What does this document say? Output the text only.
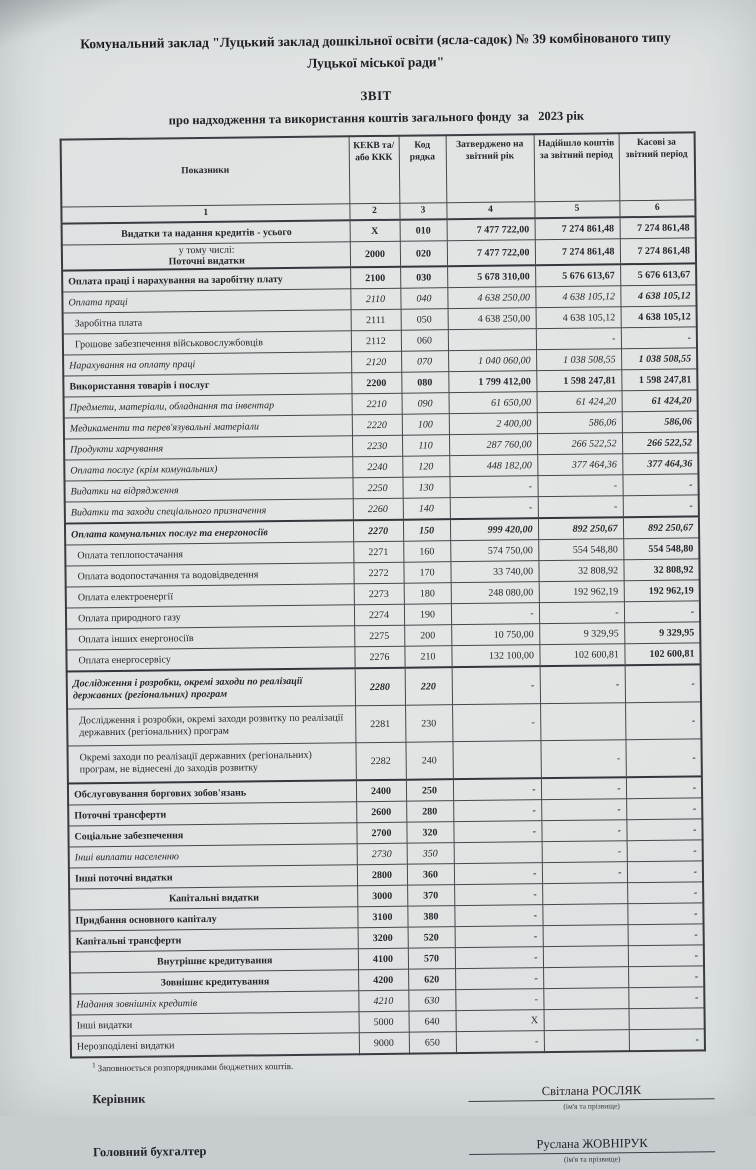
Комунальний заклад "Луцький заклад дошкільної освіти (ясла-садок) № 39 комбінованого типу Луцької міської ради"
ЗВІТ
про надходження та використання коштів загального фонду  за   2023 рік
Показники	КЕКВ та/або ККК	Код рядка	Затверджено на звітний рік	Надійшло коштів за звітний період	Касові за звітний період
1	2	3	4	5	6
Видатки та надання кредитів - усього	X	010	7 477 722,00	7 274 861,48	7 274 861,48

у тому числі:
Поточні видатки	2000	020	7 477 722,00	7 274 861,48	7 274 861,48
Оплата праці і нарахування на заробітну плату	2100	030	5 678 310,00	5 676 613,67	5 676 613,67
Оплата праці	2110	040	4 638 250,00	4 638 105,12	4 638 105,12
Заробітна плата	2111	050	4 638 250,00	4 638 105,12	4 638 105,12
Грошове забезпечення військовослужбовців	2112	060		-	-
Нарахування на оплату праці	2120	070	1 040 060,00	1 038 508,55	1 038 508,55
Використання товарів і послуг	2200	080	1 799 412,00	1 598 247,81	1 598 247,81
Предмети, матеріали, обладнання та інвентар	2210	090	61 650,00	61 424,20	61 424,20
Медикаменти та перев'язувальні матеріали	2220	100	2 400,00	586,06	586,06
Продукти харчування	2230	110	287 760,00	266 522,52	266 522,52
Оплата послуг (крім комунальних)	2240	120	448 182,00	377 464,36	377 464,36
Видатки на відрядження	2250	130	-	-	-
Видатки та заходи спеціального призначення	2260	140	-	-	-
Оплата комунальних послуг та енергоносіїв	2270	150	999 420,00	892 250,67	892 250,67
Оплата теплопостачання	2271	160	574 750,00	554 548,80	554 548,80
Оплата водопостачання та водовідведення	2272	170	33 740,00	32 808,92	32 808,92
Оплата електроенергії	2273	180	248 080,00	192 962,19	192 962,19
Оплата природного газу	2274	190	-	-	-
Оплата інших енергоносіїв	2275	200	10 750,00	9 329,95	9 329,95
Оплата енергосервісу	2276	210	132 100,00	102 600,81	102 600,81
Дослідження і розробки, окремі заходи по реалізації державних (регіональних) програм	2280	220	-	-	-
Дослідження і розробки, окремі заходи розвитку по реалізації державних (регіональних) програм	2281	230	-		-
Окремі заходи по реалізації державних (регіональних) програм, не віднесені до заходів розвитку	2282	240		-	-
Обслуговування боргових зобов'язань	2400	250	-	-	-
Поточні трансферти	2600	280	-	-	-
Соціальне забезпечення	2700	320	-	-	-
Інші виплати населенню	2730	350		-	-
Інші поточні видатки	2800	360	-	-	-
Капітальні видатки	3000	370	-		-
Придбання основного капіталу	3100	380	-		-
Капітальні трансферти	3200	520	-		-
Внутрішнє кредитування	4100	570	-		-
Зовнішнє кредитування	4200	620	-		-
Надання зовнішніх кредитів	4210	630	-		-
Інші видатки	5000	640	X		
Нерозподілені видатки	9000	650	-		-
$^1$ Заповнюється розпорядниками бюджетних коштів.
Керівник
Світлана РОСЛЯК
(ім'я та прізвище)
Головний бухгалтер
Руслана ЖОВНІРУК
(ім'я та прізвище)
